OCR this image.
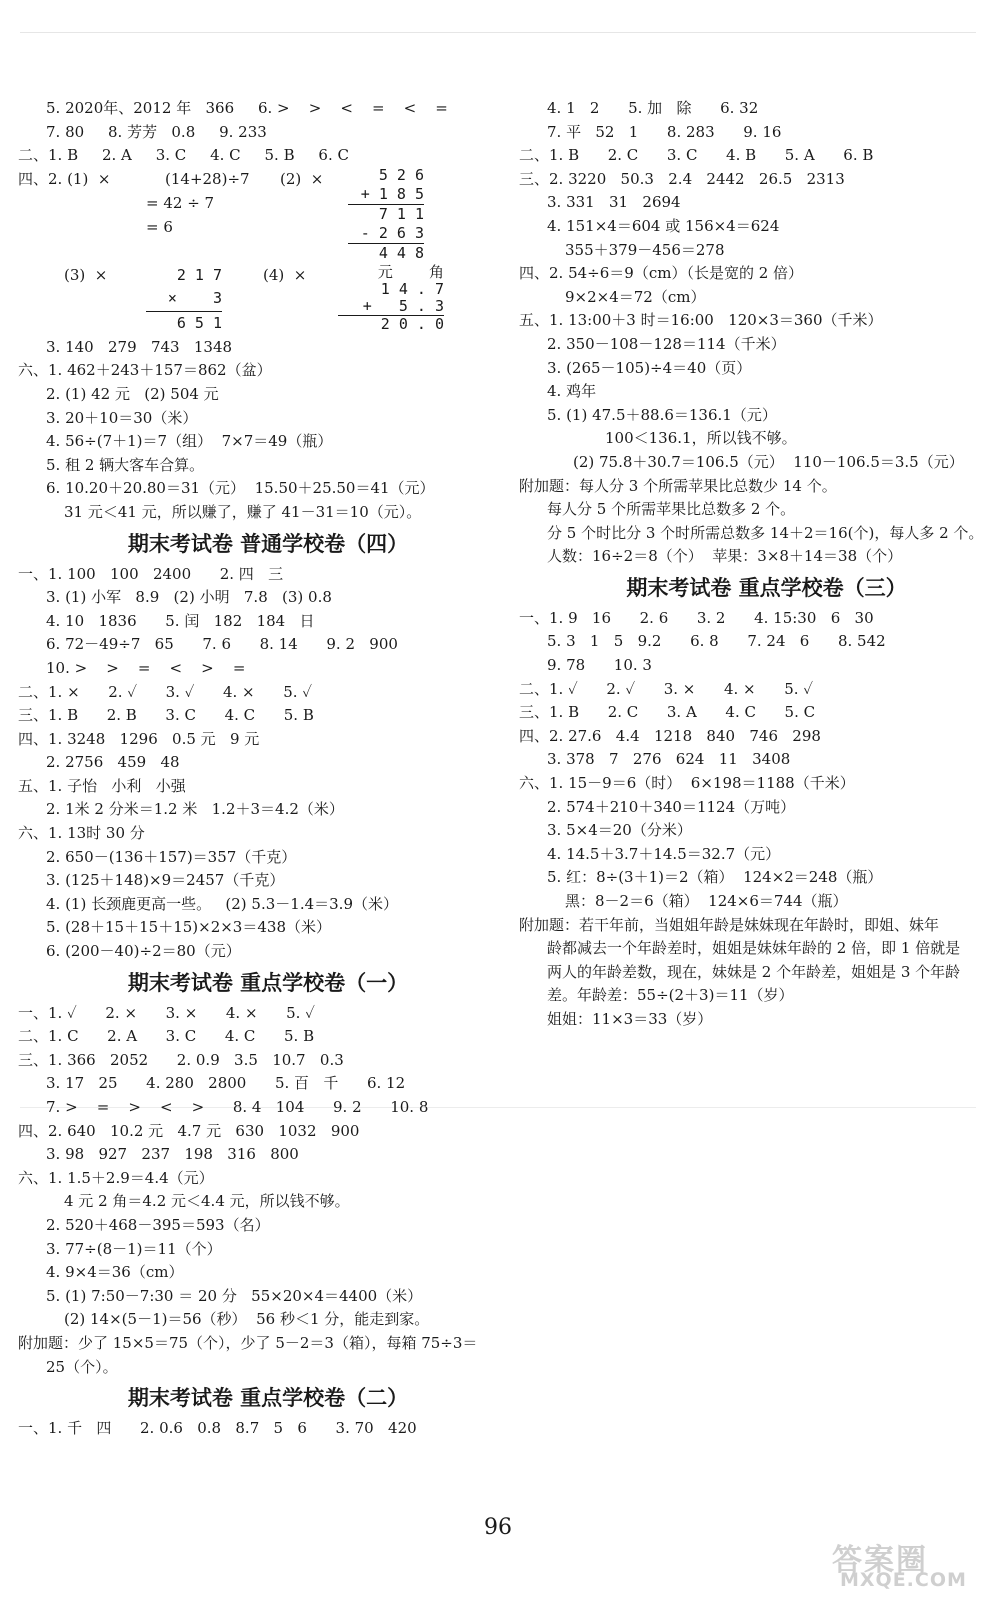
5. 2020年、2012 年   366     6. >    >    <    =    <    =
7. 80     8. 芳芳   0.8     9. 233
二、1. B     2. A     3. C     4. C     5. B     6. C
四、2. (1)  ×	(14+28)÷7
= 42 ÷ 7
= 6
(2)  ×	5 2 6
+ 1 8 5
7 1 1
- 2 6 3
4 4 8
(3)  ×	2 1 7
×    3
6 5 1
(4)  ×	元    角
1 4 . 7
+   5 . 3
2 0 . 0
3. 140   279   743   1348
六、1. 462＋243＋157＝862（盆）
2. (1) 42 元   (2) 504 元
3. 20＋10＝30（米）
4. 56÷(7＋1)＝7（组）  7×7＝49（瓶）
5. 租 2 辆大客车合算。
6. 10.20＋20.80＝31（元）  15.50＋25.50＝41（元）
31 元＜41 元，所以赚了，赚了 41－31＝10（元）。
期末考试卷 普通学校卷（四）
一、1. 100   100   2400      2. 四   三
3. (1) 小军   8.9   (2) 小明   7.8   (3) 0.8
4. 10   1836      5. 闰   182   184   日
6. 72－49÷7   65      7. 6      8. 14      9. 2   900
10. >    >    =    <    >    =
二、1. ×      2. ✓      3. ✓      4. ×      5. ✓
三、1. B      2. B      3. C      4. C      5. B
四、1. 3248   1296   0.5 元   9 元
2. 2756   459   48
五、1. 子怡   小利   小强
2. 1米 2 分米＝1.2 米   1.2＋3＝4.2（米）
六、1. 13时 30 分
2. 650－(136＋157)＝357（千克）
3. (125＋148)×9＝2457（千克）
4. (1) 长颈鹿更高一些。   (2) 5.3－1.4＝3.9（米）
5. (28＋15＋15＋15)×2×3＝438（米）
6. (200－40)÷2＝80（元）
期末考试卷 重点学校卷（一）
一、1. ✓      2. ×      3. ×      4. ×      5. ✓
二、1. C      2. A      3. C      4. C      5. B
三、1. 366   2052      2. 0.9   3.5   10.7   0.3
3. 17   25      4. 280   2800      5. 百   千      6. 12
7. >    =    >    <    >      8. 4   104      9. 2      10. 8
四、2. 640   10.2 元   4.7 元   630   1032   900
3. 98   927   237   198   316   800
六、1. 1.5＋2.9＝4.4（元）
4 元 2 角＝4.2 元＜4.4 元，所以钱不够。
2. 520＋468－395＝593（名）
3. 77÷(8－1)＝11（个）
4. 9×4＝36（cm）
5. (1) 7:50－7:30 ＝ 20 分   55×20×4＝4400（米）
(2) 14×(5－1)＝56（秒）  56 秒＜1 分，能走到家。
附加题：少了 15×5＝75（个），少了 5－2＝3（箱），每箱 75÷3＝
25（个）。
期末考试卷 重点学校卷（二）
一、1. 千   四      2. 0.6   0.8   8.7   5   6      3. 70   420
4. 1   2      5. 加   除      6. 32
7. 平   52   1      8. 283      9. 16
二、1. B      2. C      3. C      4. B      5. A      6. B
三、2. 3220   50.3   2.4   2442   26.5   2313
3. 331   31   2694
4. 151×4＝604 或 156×4＝624
355＋379－456＝278
四、2. 54÷6＝9（cm）（长是宽的 2 倍）
9×2×4＝72（cm）
五、1. 13:00＋3 时＝16:00   120×3＝360（千米）
2. 350－108－128＝114（千米）
3. (265－105)÷4＝40（页）
4. 鸡年
5. (1) 47.5＋88.6＝136.1（元）
100＜136.1，所以钱不够。
(2) 75.8＋30.7＝106.5（元）  110－106.5＝3.5（元）
附加题：每人分 3 个所需苹果比总数少 14 个。
每人分 5 个所需苹果比总数多 2 个。
分 5 个时比分 3 个时所需总数多 14＋2＝16(个)，每人多 2 个。
人数：16÷2＝8（个）  苹果：3×8＋14＝38（个）
期末考试卷 重点学校卷（三）
一、1. 9   16      2. 6      3. 2      4. 15:30   6   30
5. 3   1   5   9.2      6. 8      7. 24   6      8. 542
9. 78      10. 3
二、1. ✓      2. ✓      3. ×      4. ×      5. ✓
三、1. B      2. C      3. A      4. C      5. C
四、2. 27.6   4.4   1218   840   746   298
3. 378   7   276   624   11   3408
六、1. 15－9＝6（时）  6×198＝1188（千米）
2. 574＋210＋340＝1124（万吨）
3. 5×4＝20（分米）
4. 14.5＋3.7＋14.5＝32.7（元）
5. 红：8÷(3＋1)＝2（箱）  124×2＝248（瓶）
黑：8－2＝6（箱）  124×6＝744（瓶）
附加题：若干年前，当姐姐年龄是妹妹现在年龄时，即姐、妹年
龄都减去一个年龄差时，姐姐是妹妹年龄的 2 倍，即 1 倍就是
两人的年龄差数，现在，妹妹是 2 个年龄差，姐姐是 3 个年龄
差。年龄差：55÷(2＋3)＝11（岁）
姐姐：11×3＝33（岁）
96
答案圈
MXQE.COM
